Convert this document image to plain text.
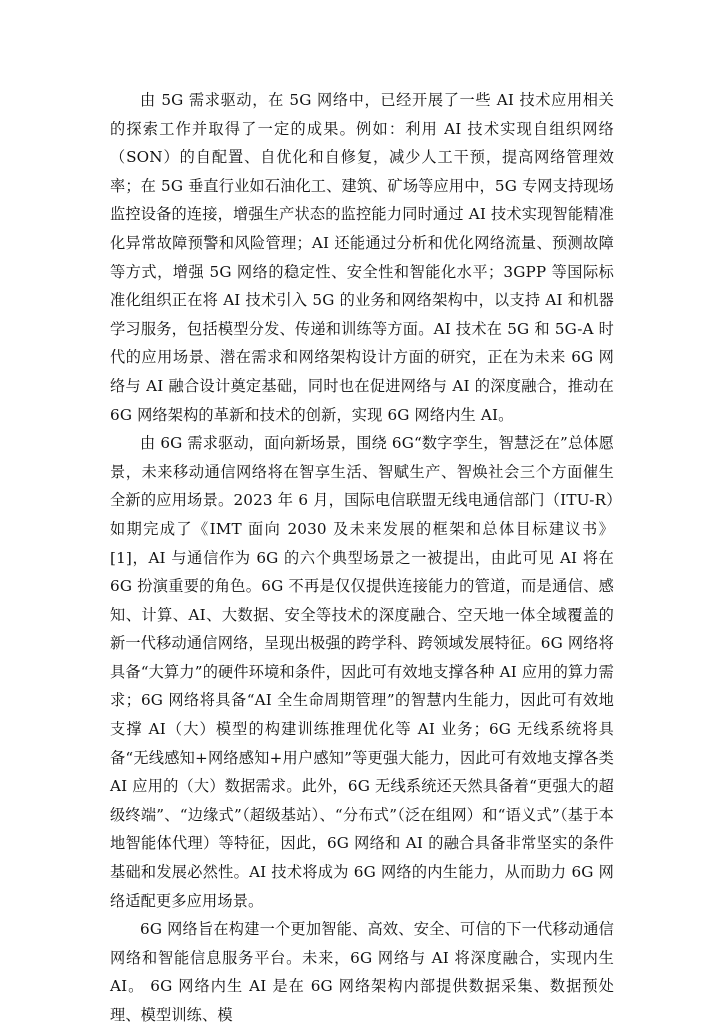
由 5G 需求驱动，在 5G 网络中，已经开展了一些 AI 技术应用相关的探索工作并取得了一定的成果。例如：利用 AI 技术实现自组织网络（SON）的自配置、自优化和自修复，减少人工干预，提高网络管理效率；在 5G 垂直行业如石油化工、建筑、矿场等应用中，5G 专网支持现场监控设备的连接，增强生产状态的监控能力同时通过 AI 技术实现智能精准化异常故障预警和风险管理；AI 还能通过分析和优化网络流量、预测故障等方式，增强 5G 网络的稳定性、安全性和智能化水平；3GPP 等国际标准化组织正在将 AI 技术引入 5G 的业务和网络架构中，以支持 AI 和机器学习服务，包括模型分发、传递和训练等方面。AI 技术在 5G 和 5G-A 时代的应用场景、潜在需求和网络架构设计方面的研究，正在为未来 6G 网络与 AI 融合设计奠定基础，同时也在促进网络与 AI 的深度融合，推动在 6G 网络架构的革新和技术的创新，实现 6G 网络内生 AI。

由 6G 需求驱动，面向新场景，围绕 6G“数字孪生，智慧泛在”总体愿景，未来移动通信网络将在智享生活、智赋生产、智焕社会三个方面催生全新的应用场景。2023 年 6 月，国际电信联盟无线电通信部门（ITU-R）如期完成了《IMT 面向 2030 及未来发展的框架和总体目标建议书》[1]，AI 与通信作为 6G 的六个典型场景之一被提出，由此可见 AI 将在 6G 扮演重要的角色。6G 不再是仅仅提供连接能力的管道，而是通信、感知、计算、AI、大数据、安全等技术的深度融合、空天地一体全域覆盖的新一代移动通信网络，呈现出极强的跨学科、跨领域发展特征。6G 网络将具备“大算力”的硬件环境和条件，因此可有效地支撑各种 AI 应用的算力需求；6G 网络将具备“AI 全生命周期管理”的智慧内生能力，因此可有效地支撑 AI（大）模型的构建训练推理优化等 AI 业务；6G 无线系统将具备“无线感知+网络感知+用户感知”等更强大能力，因此可有效地支撑各类 AI 应用的（大）数据需求。此外，6G 无线系统还天然具备着“更强大的超级终端”、“边缘式”（超级基站）、“分布式”（泛在组网）和“语义式”（基于本地智能体代理）等特征，因此，6G 网络和 AI 的融合具备非常坚实的条件基础和发展必然性。AI 技术将成为 6G 网络的内生能力，从而助力 6G 网络适配更多应用场景。

6G 网络旨在构建一个更加智能、高效、安全、可信的下一代移动通信网络和智能信息服务平台。未来，6G 网络与 AI 将深度融合，实现内生 AI。 6G 网络内生 AI 是在 6G 网络架构内部提供数据采集、数据预处理、模型训练、模
